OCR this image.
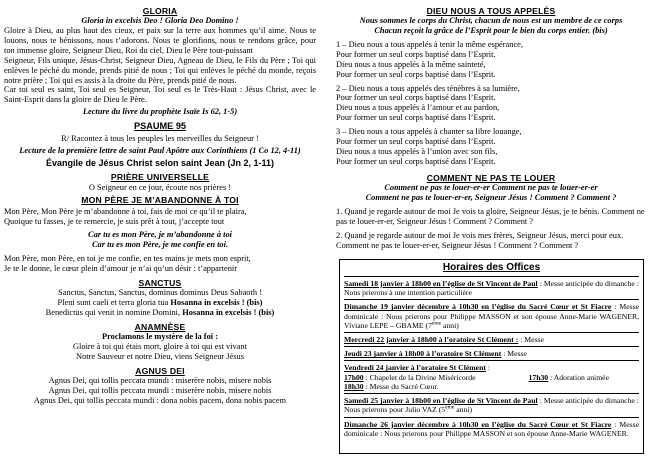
GLORIA

Gloria in excelsis Deo ! Gloria Deo Domino !

Gloire à Dieu, au plus haut des cieux, et paix sur la terre aux hommes qu’il aime. Nous te louons, nous te bénissons, nous t’adorons. Nous te glorifions, nous te rendons grâce, pour ton immense gloire, Seigneur Dieu, Roi du ciel, Dieu le Père tout-puissant

Seigneur, Fils unique, Jésus-Christ, Seigneur Dieu, Agneau de Dieu, le Fils du Père ; Toi qui enlèves le péché du monde, prends pitié de nous ; Toi qui enlèves le péché du monde, reçois notre prière ; Toi qui es assis à la droite du Père, prends pitié de nous.

Car toi seul es saint, Toi seul es Seigneur, Toi seul es le Très-Haut : Jésus Christ, avec le Saint-Esprit dans la gloire de Dieu le Père.

Lecture du livre du prophète Isaïe Is 62, 1-5)

PSAUME 95

R/ Racontez à tous les peuples les merveilles du Seigneur !

Lecture de la première lettre de saint Paul Apôtre aux Corinthiens (1 Co 12, 4-11)

Évangile de Jésus Christ selon saint Jean (Jn 2, 1-11)

PRIÈRE UNIVERSELLE

O Seigneur en ce jour, écoute nos prières !

MON PÈRE JE M’ABANDONNE À TOI

Mon Père, Mon Père je m’abandonne à toi, fais de moi ce qu’il te plaira,

Quoique tu fasses, je te remercie, je suis prêt à tout, j’accepte tout

Car tu es mon Père, je m’abandonne à toi

Car tu es mon Père, je me confie en toi.

Mon Père, mon Père, en toi je me confie, en tes mains je mets mon esprit,

Je te le donne, le cœur plein d’amour je n’ai qu’un désir : t’appartenir

SANCTUS

Sanctus, Sanctus, Sanctus, dominus dominus Deus Sabaoth !

Pleni sunt caeli et terra gloria tua Hosanna in excelsis ! (bis)

Benedictus qui venit in nomine Domini, Hosanna in excelsis ! (bis)

ANAMNÈSE

Proclamons le mystère de la foi :

Gloire à toi qui étais mort, gloire à toi qui est vivant

Notre Sauveur et notre Dieu, viens Seigneur Jésus

AGNUS DEI

Agnus Dei, qui tollis peccata mundi : miserère nobis, misere nobis

Agnus Dei, qui tollis peccata mundi : miserère nobis, misere nobis

Agnus Dei, qui tollis peccata mundi : dona nobis pacem, dona nobis pacem

DIEU NOUS A TOUS APPELÉS

Nous sommes le corps du Christ, chacun de nous est un membre de ce corps

Chacun reçoit la grâce de l’Esprit pour le bien du corps entier. (bis)

1 – Dieu nous a tous appelés à tenir la même espérance,

Pour former un seul corps baptisé dans l’Esprit.

Dieu nous a tous appelés à la même sainteté,

Pour former un seul corps baptisé dans l’Esprit.

2 – Dieu nous a tous appelés des ténèbres à sa lumière,

Pour former un seul corps baptisé dans l’Esprit.

Dieu nous a tous appelés à l’amour et au pardon,

Pour former un seul corps baptisé dans l’Esprit.

3 – Dieu nous a tous appelés à chanter sa libre louange,

Pour former un seul corps baptisé dans l’Esprit.

Dieu nous a tous appelés à l’union avec son fils,

Pour former un seul corps baptisé dans l’Esprit.

COMMENT NE PAS TE LOUER

Comment ne pas te louer-er-er Comment ne pas te louer-er-er

Comment ne pas te louer-er-er, Seigneur Jésus ! Comment ? Comment ?

1. Quand je regarde autour de moi Je vois ta gloire, Seigneur Jésus, je te bénis. Comment ne pas te louer-er-er, Seigneur Jésus ! Comment ? Comment ?

2. Quand je regarde autour de moi Je vois mes frères, Seigneur Jésus, merci pour eux. Comment ne pas te louer-er-er, Seigneur Jésus ! Comment ? Comment ?

Horaires des Offices
Samedi 18 janvier à 18h00 en l’église de St Vincent de Paul : Messe anticipée du dimanche : Nous prierons à une intention particulière
Dimanche 19 janvier décembre à 10h30 en l’église du Sacré Cœur et St Fiacre : Messe dominicale : Nous prierons pour Philippe MASSON et son épouse Anne-Marie WAGENER, Viviane LEPE – GBAME (7ème anni)
Mercredi 22 janvier à 18h00 à l’oratoire St Clément : : Messe
Jeudi 23 janvier à 18h00 à l’oratoire St Clément : Messe
Vendredi 24 janvier à l’oratoire St Clément :
17h00 : Chapelet de la Divine Miséricorde	17h30 : Adoration animée
18h30 : Messe du Sacré Cœur.
Samedi 25 janvier à 18h00 en l’église de St Vincent de Paul : Messe anticipée du dimanche : Nous prierons pour Julio VAZ (5ème anni)
Dimanche 26 janvier décembre à 10h30 en l’église du Sacré Cœur et St Fiacre : Messe dominicale : Nous prierons pour Philippe MASSON et son épouse Anne-Marie WAGENER.
